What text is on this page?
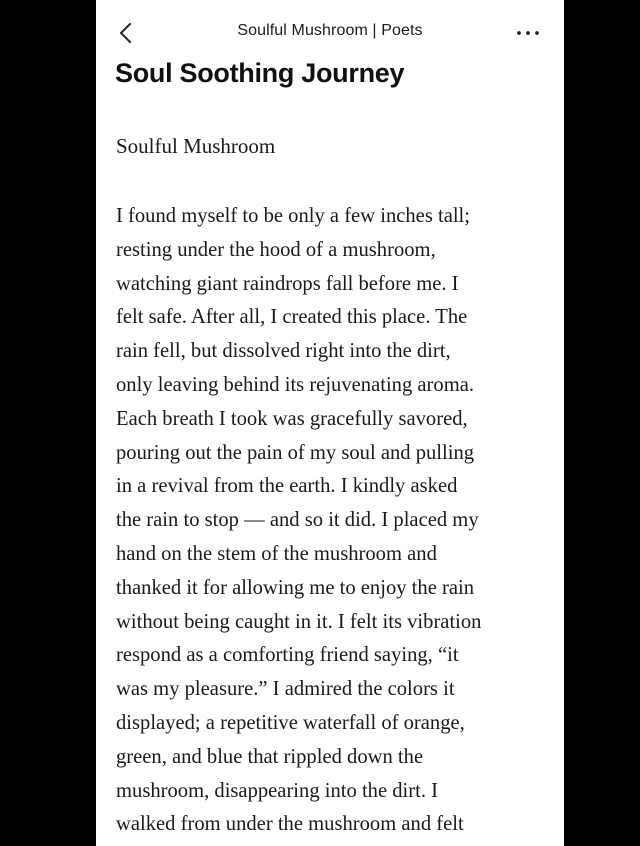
Soulful Mushroom | Poets
Soul Soothing Journey

Soulful Mushroom

I found myself to be only a few inches tall;
resting under the hood of a mushroom,
watching giant raindrops fall before me. I
felt safe. After all, I created this place. The
rain fell, but dissolved right into the dirt,
only leaving behind its rejuvenating aroma.
Each breath I took was gracefully savored,
pouring out the pain of my soul and pulling
in a revival from the earth. I kindly asked
the rain to stop — and so it did. I placed my
hand on the stem of the mushroom and
thanked it for allowing me to enjoy the rain
without being caught in it. I felt its vibration
respond as a comforting friend saying, “it
was my pleasure.” I admired the colors it
displayed; a repetitive waterfall of orange,
green, and blue that rippled down the
mushroom, disappearing into the dirt. I
walked from under the mushroom and felt
